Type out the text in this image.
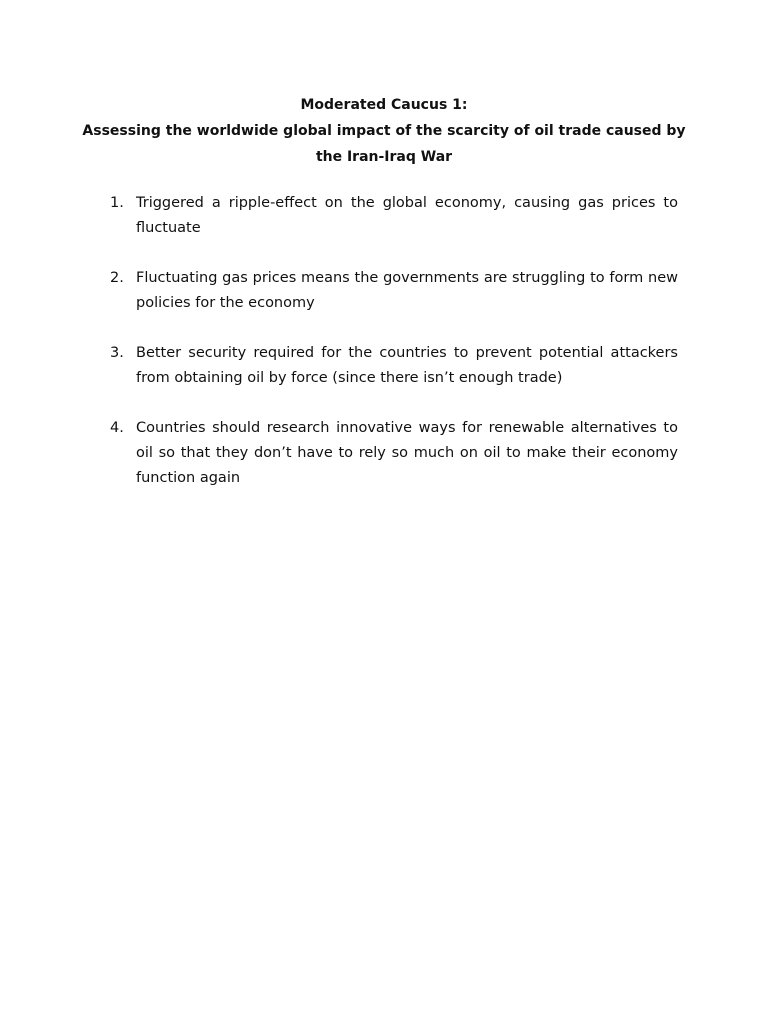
Moderated Caucus 1:
Assessing the worldwide global impact of the scarcity of oil trade caused by
the Iran-Iraq War
1. Triggered a ripple-effect on the global economy, causing gas prices to fluctuate
2. Fluctuating gas prices means the governments are struggling to form new policies for the economy
3. Better security required for the countries to prevent potential attackers from obtaining oil by force (since there isn’t enough trade)
4. Countries should research innovative ways for renewable alternatives to oil so that they don’t have to rely so much on oil to make their economy function again
